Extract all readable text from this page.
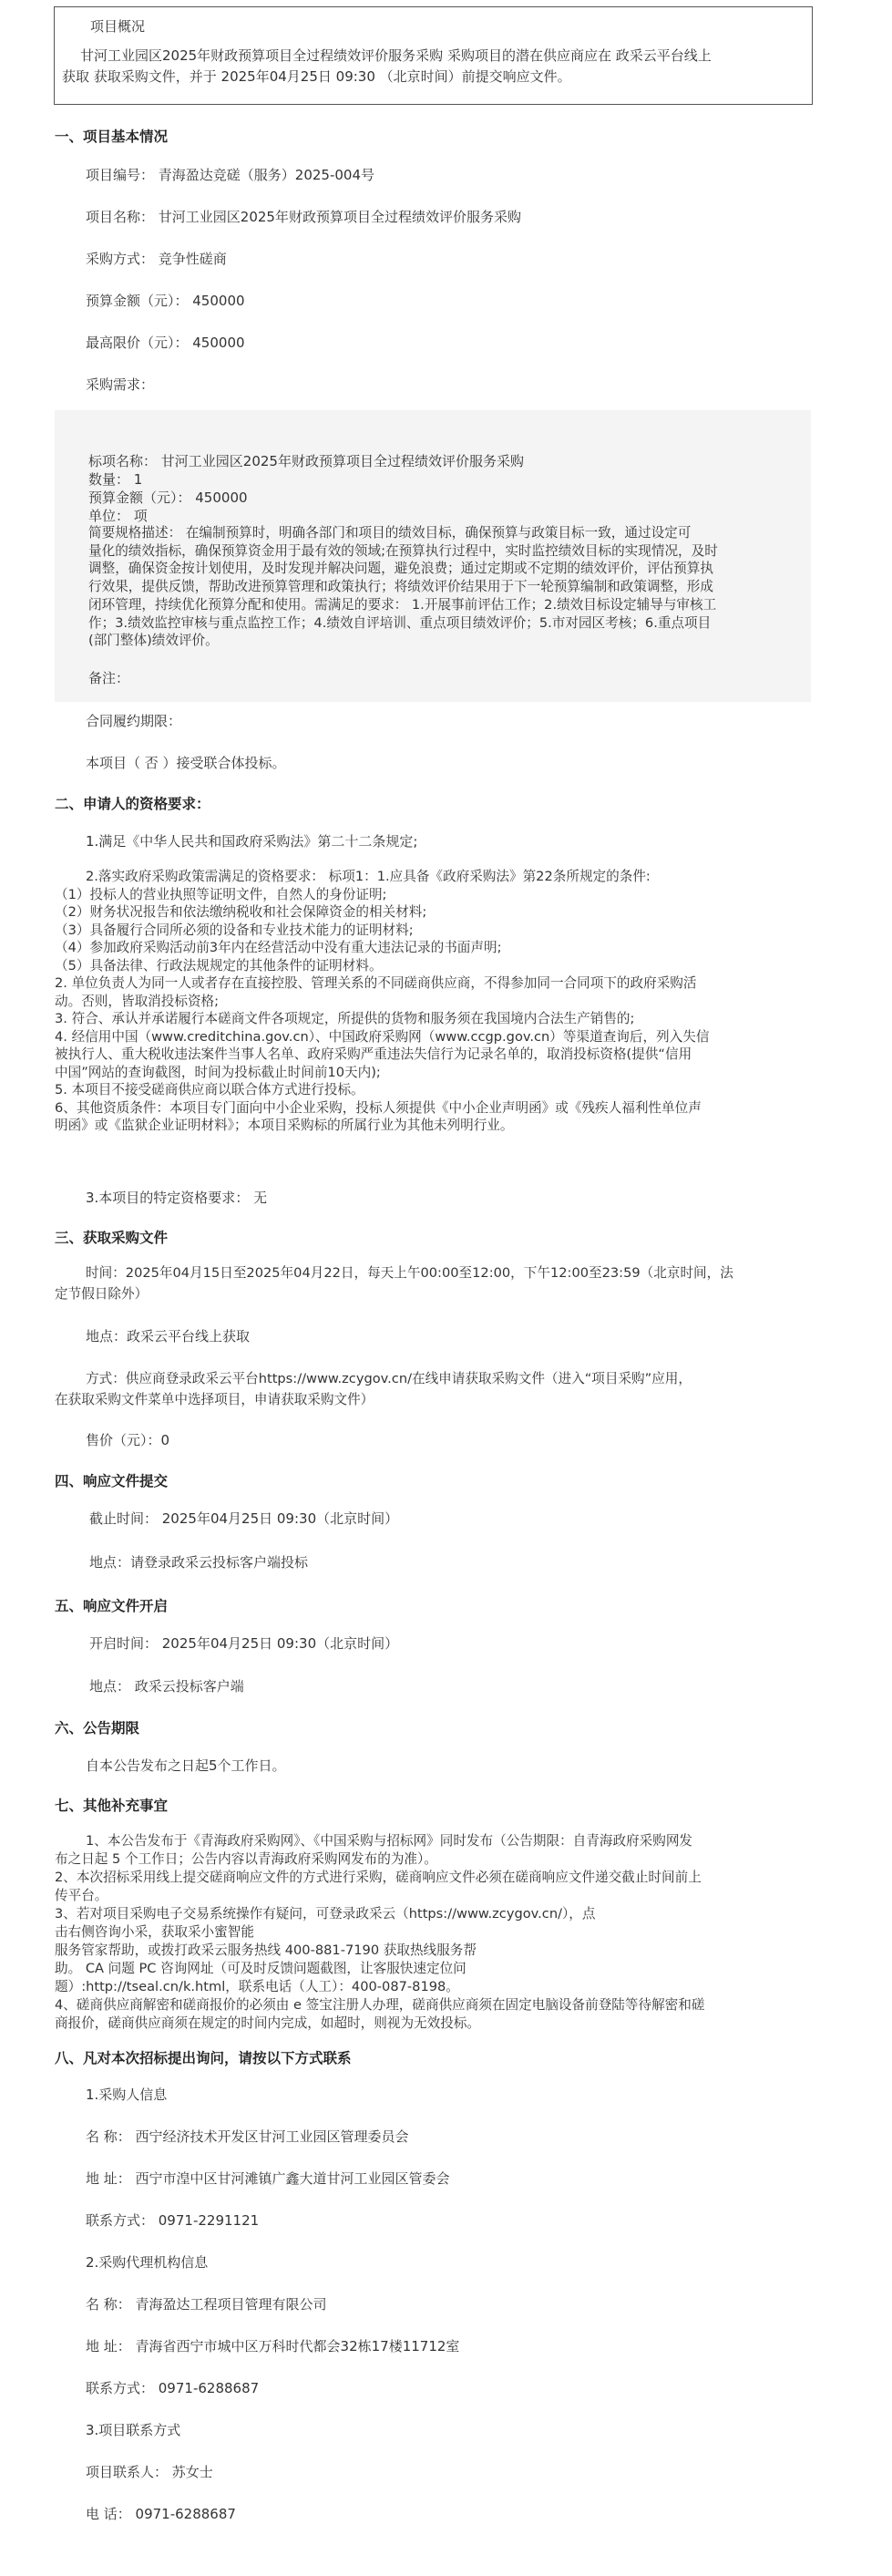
项目概况
甘河工业园区2025年财政预算项目全过程绩效评价服务采购 采购项目的潜在供应商应在 政采云平台线上
获取 获取采购文件，并于 2025年04月25日 09:30 （北京时间）前提交响应文件。
一、项目基本情况
项目编号： 青海盈达竞磋（服务）2025-004号
项目名称： 甘河工业园区2025年财政预算项目全过程绩效评价服务采购
采购方式： 竞争性磋商
预算金额（元）： 450000
最高限价（元）： 450000
采购需求：
标项名称： 甘河工业园区2025年财政预算项目全过程绩效评价服务采购
数量： 1
预算金额（元）： 450000
单位： 项
简要规格描述： 在编制预算时，明确各部门和项目的绩效目标，确保预算与政策目标一致，通过设定可
量化的绩效指标，确保预算资金用于最有效的领域;在预算执行过程中，实时监控绩效目标的实现情况，及时
调整，确保资金按计划使用，及时发现并解决问题，避免浪费；通过定期或不定期的绩效评价，评估预算执
行效果，提供反馈，帮助改进预算管理和政策执行；将绩效评价结果用于下一轮预算编制和政策调整，形成
闭环管理，持续优化预算分配和使用。需满足的要求： 1.开展事前评估工作；2.绩效目标设定辅导与审核工
作；3.绩效监控审核与重点监控工作；4.绩效自评培训、重点项目绩效评价；5.市对园区考核；6.重点项目
(部门整体)绩效评价。
备注：
合同履约期限：
本项目（ 否 ）接受联合体投标。
二、申请人的资格要求：
1.满足《中华人民共和国政府采购法》第二十二条规定;
2.落实政府采购政策需满足的资格要求： 标项1：1.应具备《政府采购法》第22条所规定的条件:
（1）投标人的营业执照等证明文件，自然人的身份证明;
（2）财务状况报告和依法缴纳税收和社会保障资金的相关材料;
（3）具备履行合同所必须的设备和专业技术能力的证明材料;
（4）参加政府采购活动前3年内在经营活动中没有重大违法记录的书面声明;
（5）具备法律、行政法规规定的其他条件的证明材料。
2. 单位负责人为同一人或者存在直接控股、管理关系的不同磋商供应商，不得参加同一合同项下的政府采购活
动。否则，皆取消投标资格;
3. 符合、承认并承诺履行本磋商文件各项规定，所提供的货物和服务须在我国境内合法生产销售的;
4. 经信用中国（www.creditchina.gov.cn）、中国政府采购网（www.ccgp.gov.cn）等渠道查询后，列入失信
被执行人、重大税收违法案件当事人名单、政府采购严重违法失信行为记录名单的，取消投标资格(提供“信用
中国”网站的查询截图，时间为投标截止时间前10天内);
5. 本项目不接受磋商供应商以联合体方式进行投标。
6、其他资质条件：本项目专门面向中小企业采购，投标人须提供《中小企业声明函》或《残疾人福利性单位声
明函》或《监狱企业证明材料》；本项目采购标的所属行业为其他未列明行业。
3.本项目的特定资格要求： 无
三、获取采购文件
时间：2025年04月15日至2025年04月22日，每天上午00:00至12:00，下午12:00至23:59（北京时间，法
定节假日除外）
地点：政采云平台线上获取
方式：供应商登录政采云平台https://www.zcygov.cn/在线申请获取采购文件（进入“项目采购”应用，
在获取采购文件菜单中选择项目，申请获取采购文件）
售价（元）：0
四、响应文件提交
截止时间： 2025年04月25日 09:30（北京时间）
地点：请登录政采云投标客户端投标
五、响应文件开启
开启时间： 2025年04月25日 09:30（北京时间）
地点： 政采云投标客户端
六、公告期限
自本公告发布之日起5个工作日。
七、其他补充事宜
1、本公告发布于《青海政府采购网》、《中国采购与招标网》同时发布（公告期限：自青海政府采购网发
布之日起 5 个工作日；公告内容以青海政府采购网发布的为准）。
2、本次招标采用线上提交磋商响应文件的方式进行采购，磋商响应文件必须在磋商响应文件递交截止时间前上
传平台。
3、若对项目采购电子交易系统操作有疑问，可登录政采云（https://www.zcygov.cn/），点
击右侧咨询小采，获取采小蜜智能
服务管家帮助，或拨打政采云服务热线 400-881-7190 获取热线服务帮
助。 CA 问题 PC 咨询网址（可及时反馈问题截图，让客服快速定位问
题）:http://tseal.cn/k.html，联系电话（人工）：400-087-8198。
4、磋商供应商解密和磋商报价的必须由 e 签宝注册人办理，磋商供应商须在固定电脑设备前登陆等待解密和磋
商报价，磋商供应商须在规定的时间内完成，如超时，则视为无效投标。
八、凡对本次招标提出询问，请按以下方式联系
1.采购人信息
名 称： 西宁经济技术开发区甘河工业园区管理委员会
地 址： 西宁市湟中区甘河滩镇广鑫大道甘河工业园区管委会
联系方式： 0971-2291121
2.采购代理机构信息
名 称： 青海盈达工程项目管理有限公司
地 址： 青海省西宁市城中区万科时代都会32栋17楼11712室
联系方式： 0971-6288687
3.项目联系方式
项目联系人： 苏女士
电 话： 0971-6288687
